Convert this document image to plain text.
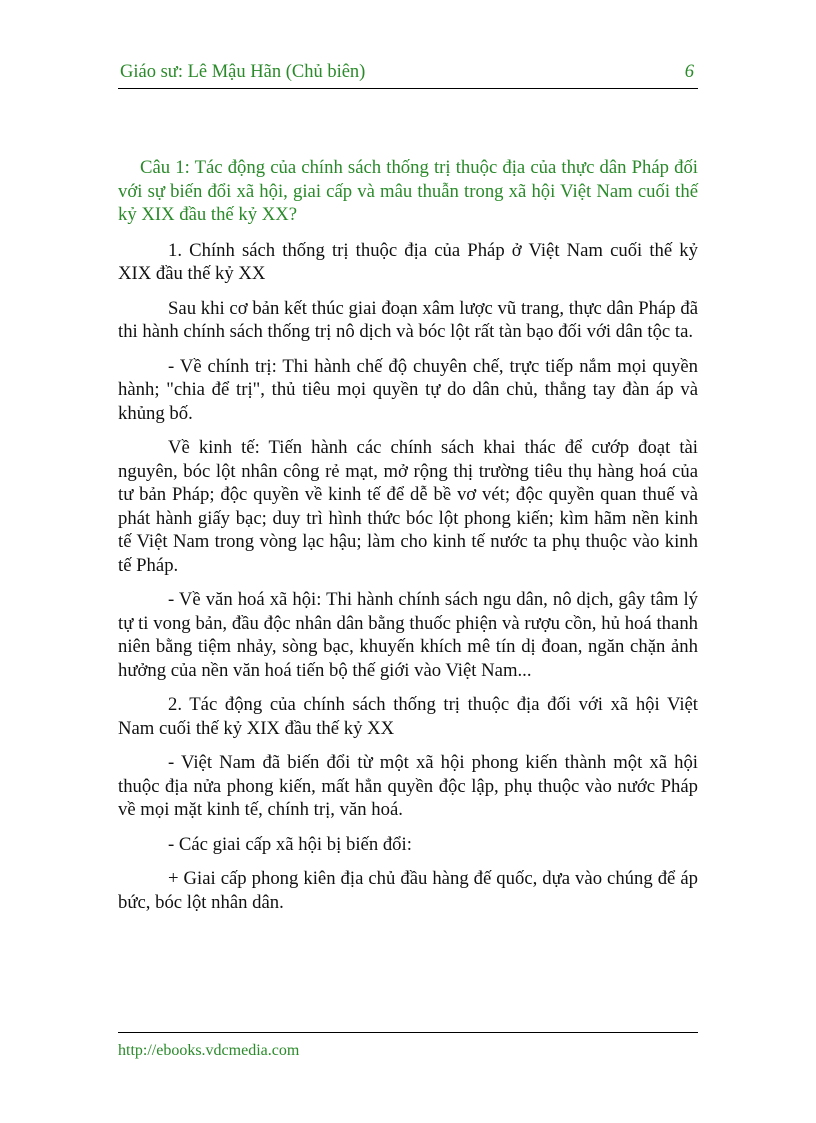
Giáo sư: Lê Mậu Hãn (Chủ biên)	6

Câu 1: Tác động của chính sách thống trị thuộc địa của thực dân Pháp đối với sự biến đổi xã hội, giai cấp và mâu thuẫn trong xã hội Việt Nam cuối thế kỷ XIX đầu thế kỷ XX?

1. Chính sách thống trị thuộc địa của Pháp ở Việt Nam cuối thế kỷ XIX đầu thế kỷ XX

Sau khi cơ bản kết thúc giai đoạn xâm lược vũ trang, thực dân Pháp đã thi hành chính sách thống trị nô dịch và bóc lột rất tàn bạo đối với dân tộc ta.

- Về chính trị: Thi hành chế độ chuyên chế, trực tiếp nắm mọi quyền hành; "chia để trị", thủ tiêu mọi quyền tự do dân chủ, thẳng tay đàn áp và khủng bố.

Về kinh tế: Tiến hành các chính sách khai thác để cướp đoạt tài nguyên, bóc lột nhân công rẻ mạt, mở rộng thị trường tiêu thụ hàng hoá của tư bản Pháp; độc quyền về kinh tế để dễ bề vơ vét; độc quyền quan thuế và phát hành giấy bạc; duy trì hình thức bóc lột phong kiến; kìm hãm nền kinh tế Việt Nam trong vòng lạc hậu; làm cho kinh tế nước ta phụ thuộc vào kinh tế Pháp.

- Về văn hoá xã hội: Thi hành chính sách ngu dân, nô dịch, gây tâm lý tự ti vong bản, đầu độc nhân dân bằng thuốc phiện và rượu cồn, hủ hoá thanh niên bằng tiệm nhảy, sòng bạc, khuyến khích mê tín dị đoan, ngăn chặn ảnh hưởng của nền văn hoá tiến bộ thế giới vào Việt Nam...

2. Tác động của chính sách thống trị thuộc địa đối với xã hội Việt Nam cuối thế kỷ XIX đầu thế kỷ XX

- Việt Nam đã biến đổi từ một xã hội phong kiến thành một xã hội thuộc địa nửa phong kiến, mất hẳn quyền độc lập, phụ thuộc vào nước Pháp về mọi mặt kinh tế, chính trị, văn hoá.

- Các giai cấp xã hội bị biến đổi:

+ Giai cấp phong kiên địa chủ đầu hàng đế quốc, dựa vào chúng để áp bức, bóc lột nhân dân.

http://ebooks.vdcmedia.com
